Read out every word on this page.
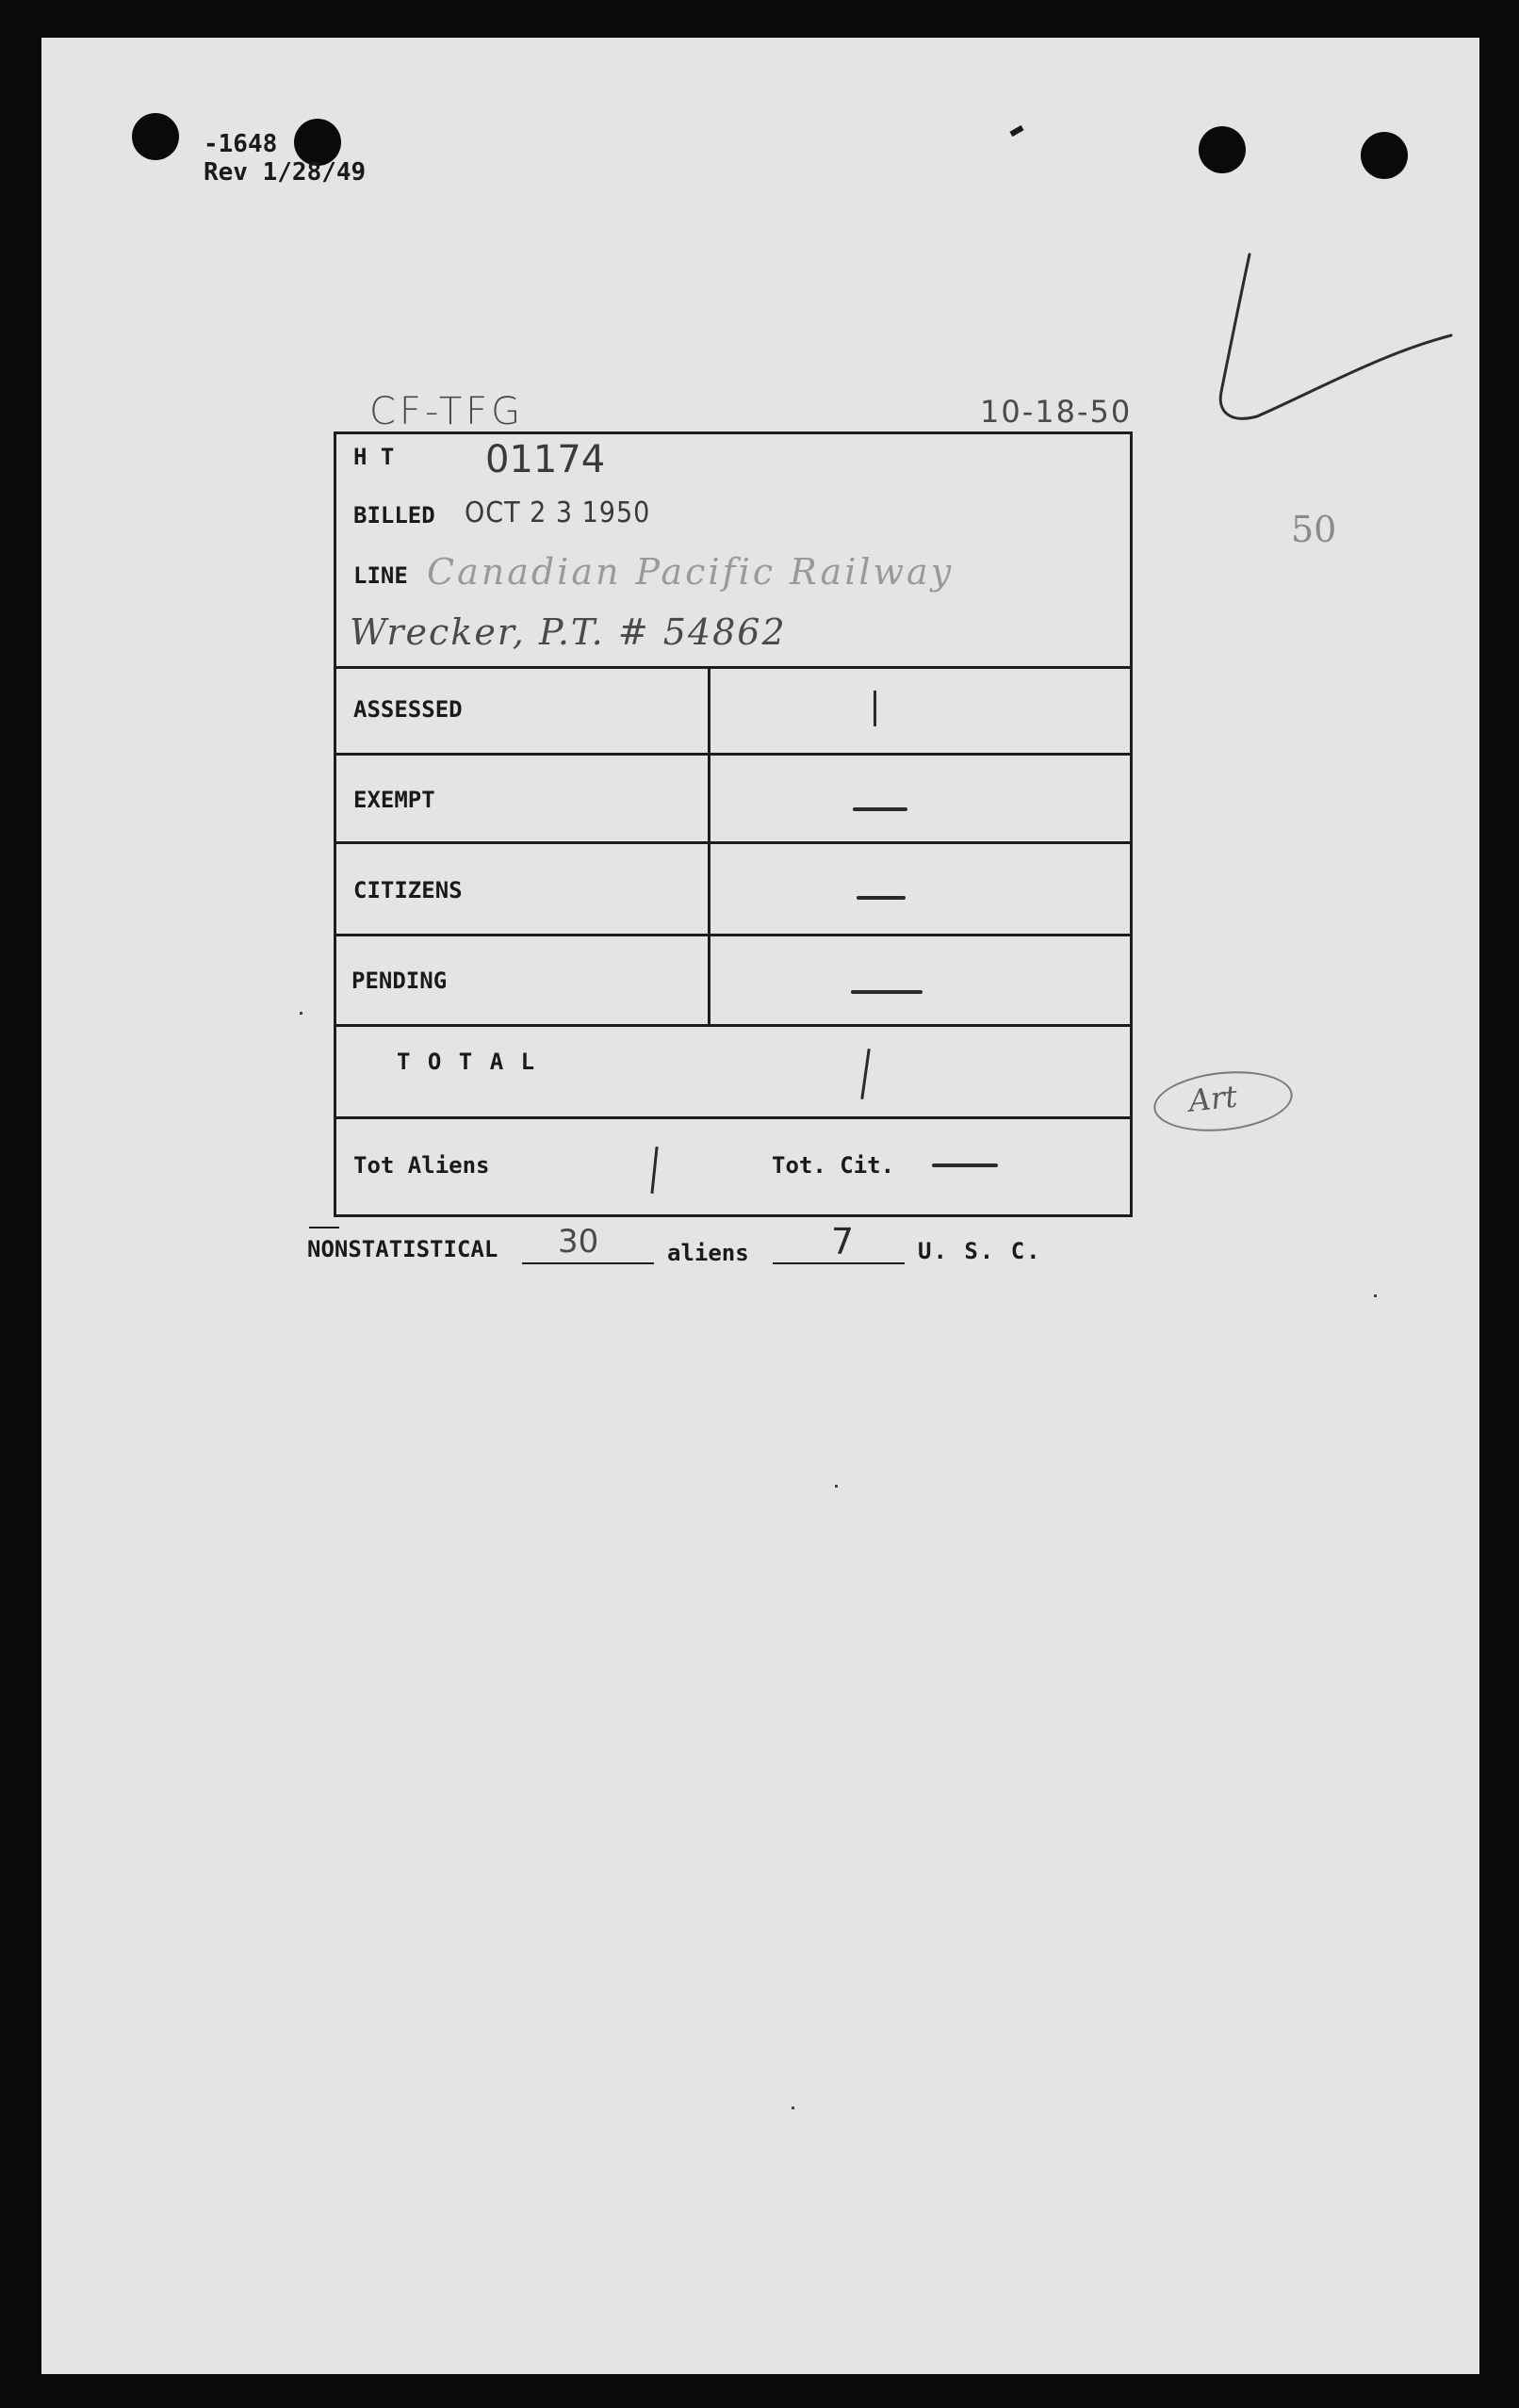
-1648
Rev 1/28/49
CF-TFG	10-18-50
50
H T 01174
BILLED OCT 2 3 1950
LINE Canadian Pacific Railway
Wrecker, P.T. # 54862
ASSESSED
EXEMPT
CITIZENS
PENDING
T O T A L
Tot Aliens	Tot. Cit.
Art
NONSTATISTICAL 30	aliens 7	U. S. C.
